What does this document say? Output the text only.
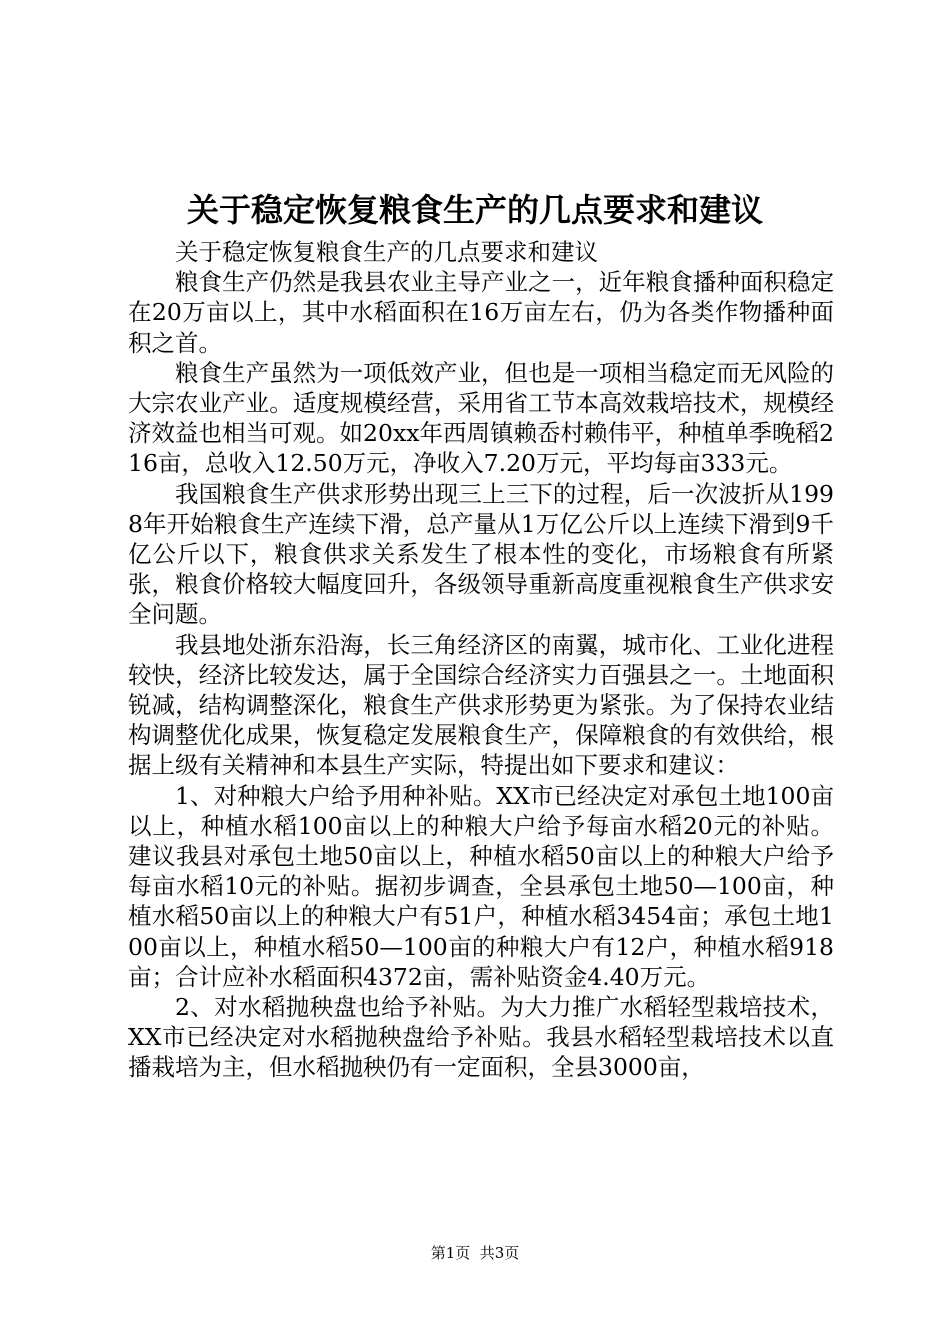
关于稳定恢复粮食生产的几点要求和建议

关于稳定恢复粮食生产的几点要求和建议

粮食生产仍然是我县农业主导产业之一，近年粮食播种面积稳定在20万亩以上，其中水稻面积在16万亩左右，仍为各类作物播种面积之首。

粮食生产虽然为一项低效产业，但也是一项相当稳定而无风险的大宗农业产业。适度规模经营，采用省工节本高效栽培技术，规模经济效益也相当可观。如20xx年西周镇赖岙村赖伟平，种植单季晚稻216亩，总收入12.50万元，净收入7.20万元，平均每亩333元。

我国粮食生产供求形势出现三上三下的过程，后一次波折从1998年开始粮食生产连续下滑，总产量从1万亿公斤以上连续下滑到9千亿公斤以下，粮食供求关系发生了根本性的变化，市场粮食有所紧张，粮食价格较大幅度回升，各级领导重新高度重视粮食生产供求安全问题。

我县地处浙东沿海，长三角经济区的南翼，城市化、工业化进程较快，经济比较发达，属于全国综合经济实力百强县之一。土地面积锐减，结构调整深化，粮食生产供求形势更为紧张。为了保持农业结构调整优化成果，恢复稳定发展粮食生产，保障粮食的有效供给，根据上级有关精神和本县生产实际，特提出如下要求和建议：

1、对种粮大户给予用种补贴。XX市已经决定对承包土地100亩以上，种植水稻100亩以上的种粮大户给予每亩水稻20元的补贴。建议我县对承包土地50亩以上，种植水稻50亩以上的种粮大户给予每亩水稻10元的补贴。据初步调查，全县承包土地50—100亩，种植水稻50亩以上的种粮大户有51户，种植水稻3454亩；承包土地100亩以上，种植水稻50—100亩的种粮大户有12户，种植水稻918亩；合计应补水稻面积4372亩，需补贴资金4.40万元。

2、对水稻抛秧盘也给予补贴。为大力推广水稻轻型栽培技术，XX市已经决定对水稻抛秧盘给予补贴。我县水稻轻型栽培技术以直播栽培为主，但水稻抛秧仍有一定面积，全县3000亩，

第1页  共3页
